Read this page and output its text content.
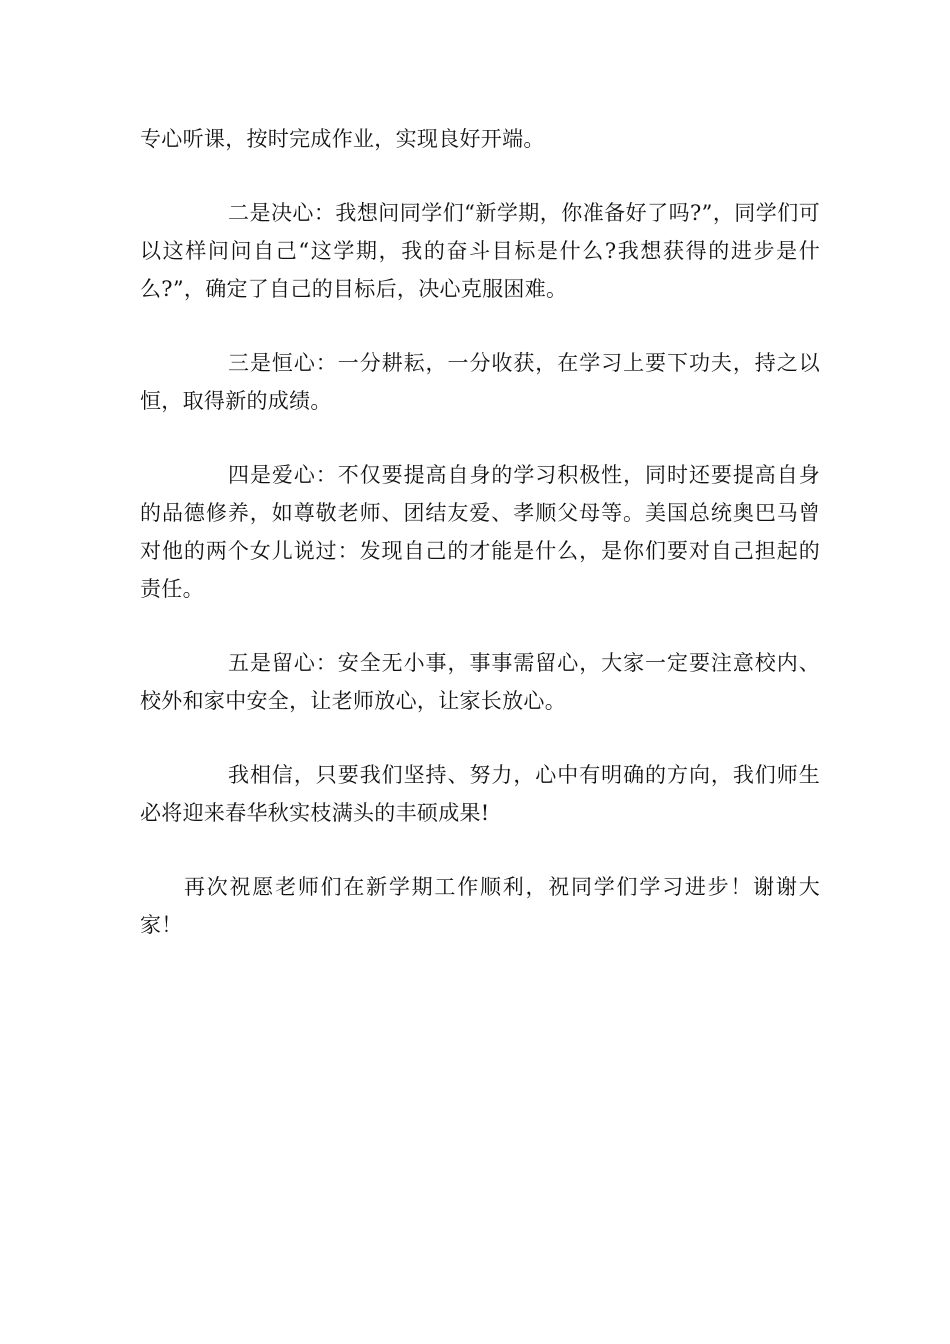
专心听课，按时完成作业，实现良好开端。

二是决心：我想问同学们“新学期，你准备好了吗?”，同学们可以这样问问自己“这学期，我的奋斗目标是什么?我想获得的进步是什么?”，确定了自己的目标后，决心克服困难。

三是恒心：一分耕耘，一分收获，在学习上要下功夫，持之以恒，取得新的成绩。

四是爱心：不仅要提高自身的学习积极性，同时还要提高自身的品德修养，如尊敬老师、团结友爱、孝顺父母等。美国总统奥巴马曾对他的两个女儿说过：发现自己的才能是什么，是你们要对自己担起的责任。

五是留心：安全无小事，事事需留心，大家一定要注意校内、校外和家中安全，让老师放心，让家长放心。

我相信，只要我们坚持、努力，心中有明确的方向，我们师生必将迎来春华秋实枝满头的丰硕成果!

再次祝愿老师们在新学期工作顺利，祝同学们学习进步！谢谢大家！
